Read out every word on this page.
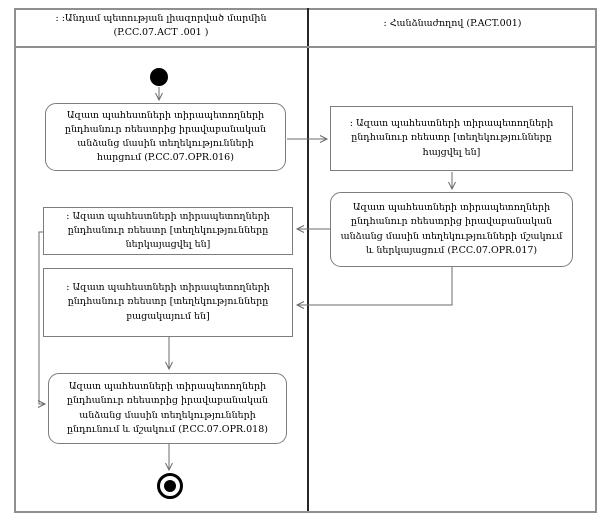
: :Անդամ պետության լիազորված մարմին
(P.CC.07.ACT .001 )
: Հանձնաժողով (P.ACT.001)
Ազատ պահեստների տիրապետողների ընդհանուր ռեեստրից իրավաբանական անձանց մասին տեղեկությունների հարցում (P.CC.07.OPR.016)
: Ազատ պահեստների տիրապետողների ընդհանուր ռեեստր [տեղեկությունները հայցվել են]
Ազատ պահեստների տիրապետողների ընդհանուր ռեեստրից իրավաբանական անձանց մասին տեղեկությունների մշակում և ներկայացում (P.CC.07.OPR.017)
: Ազատ պահեստների տիրապետողների ընդհանուր ռեեստր [տեղեկությունները ներկայացվել են]
: Ազատ պահեստների տիրապետողների ընդհանուր ռեեստր [տեղեկությունները բացակայում են]
Ազատ պահեստների տիրապետողների ընդհանուր ռեեստրից իրավաբանական անձանց մասին տեղեկությունների ընդունում և մշակում (P.CC.07.OPR.018)
